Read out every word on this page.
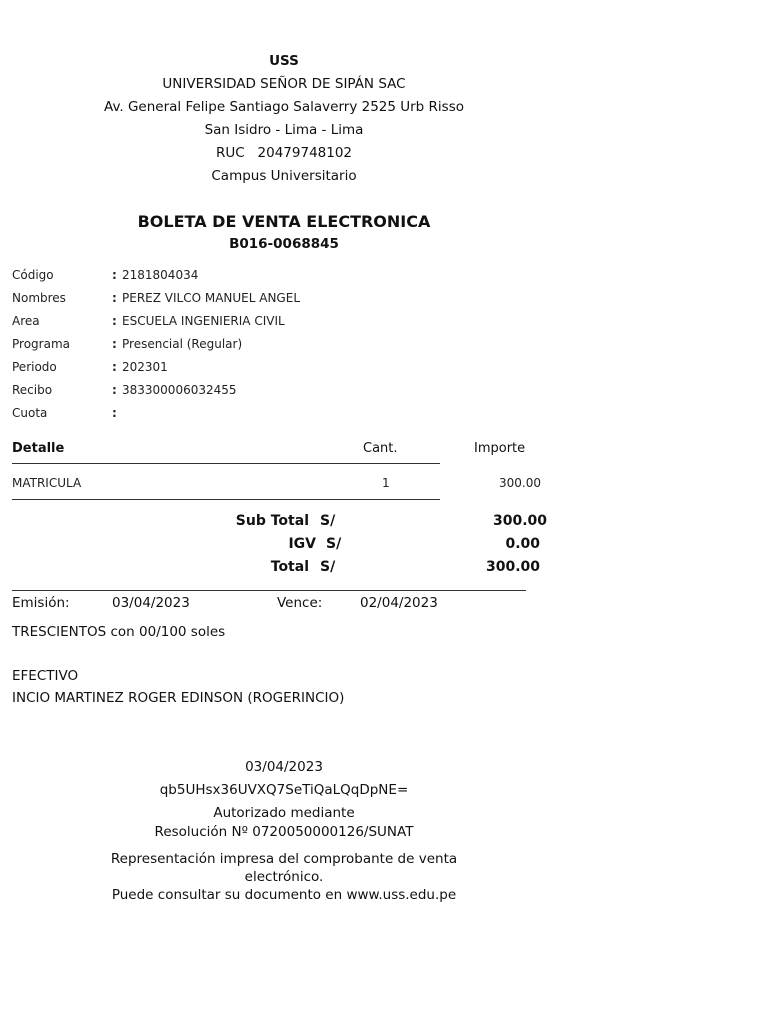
USS
UNIVERSIDAD SEÑOR DE SIPÁN SAC
Av. General Felipe Santiago Salaverry 2525 Urb Risso
San Isidro - Lima - Lima
RUC 20479748102
Campus Universitario
BOLETA DE VENTA ELECTRONICA
B016-0068845
Código	: 2181804034
Nombres	: PEREZ VILCO MANUEL ANGEL
Area	: ESCUELA INGENIERIA CIVIL
Programa	: Presencial (Regular)
Periodo	: 202301
Recibo	: 383300006032455
Cuota	:
Detalle	Cant.	Importe
MATRICULA	1	300.00
Sub Total S/	300.00
IGV S/	0.00
Total S/	300.00
Emisión:	03/04/2023	Vence:	02/04/2023
TRESCIENTOS con 00/100 soles
EFECTIVO
INCIO MARTINEZ ROGER EDINSON (ROGERINCIO)
03/04/2023
qb5UHsx36UVXQ7SeTiQaLQqDpNE=
Autorizado mediante
Resolución Nº 0720050000126/SUNAT
Representación impresa del comprobante de venta
electrónico.
Puede consultar su documento en www.uss.edu.pe
